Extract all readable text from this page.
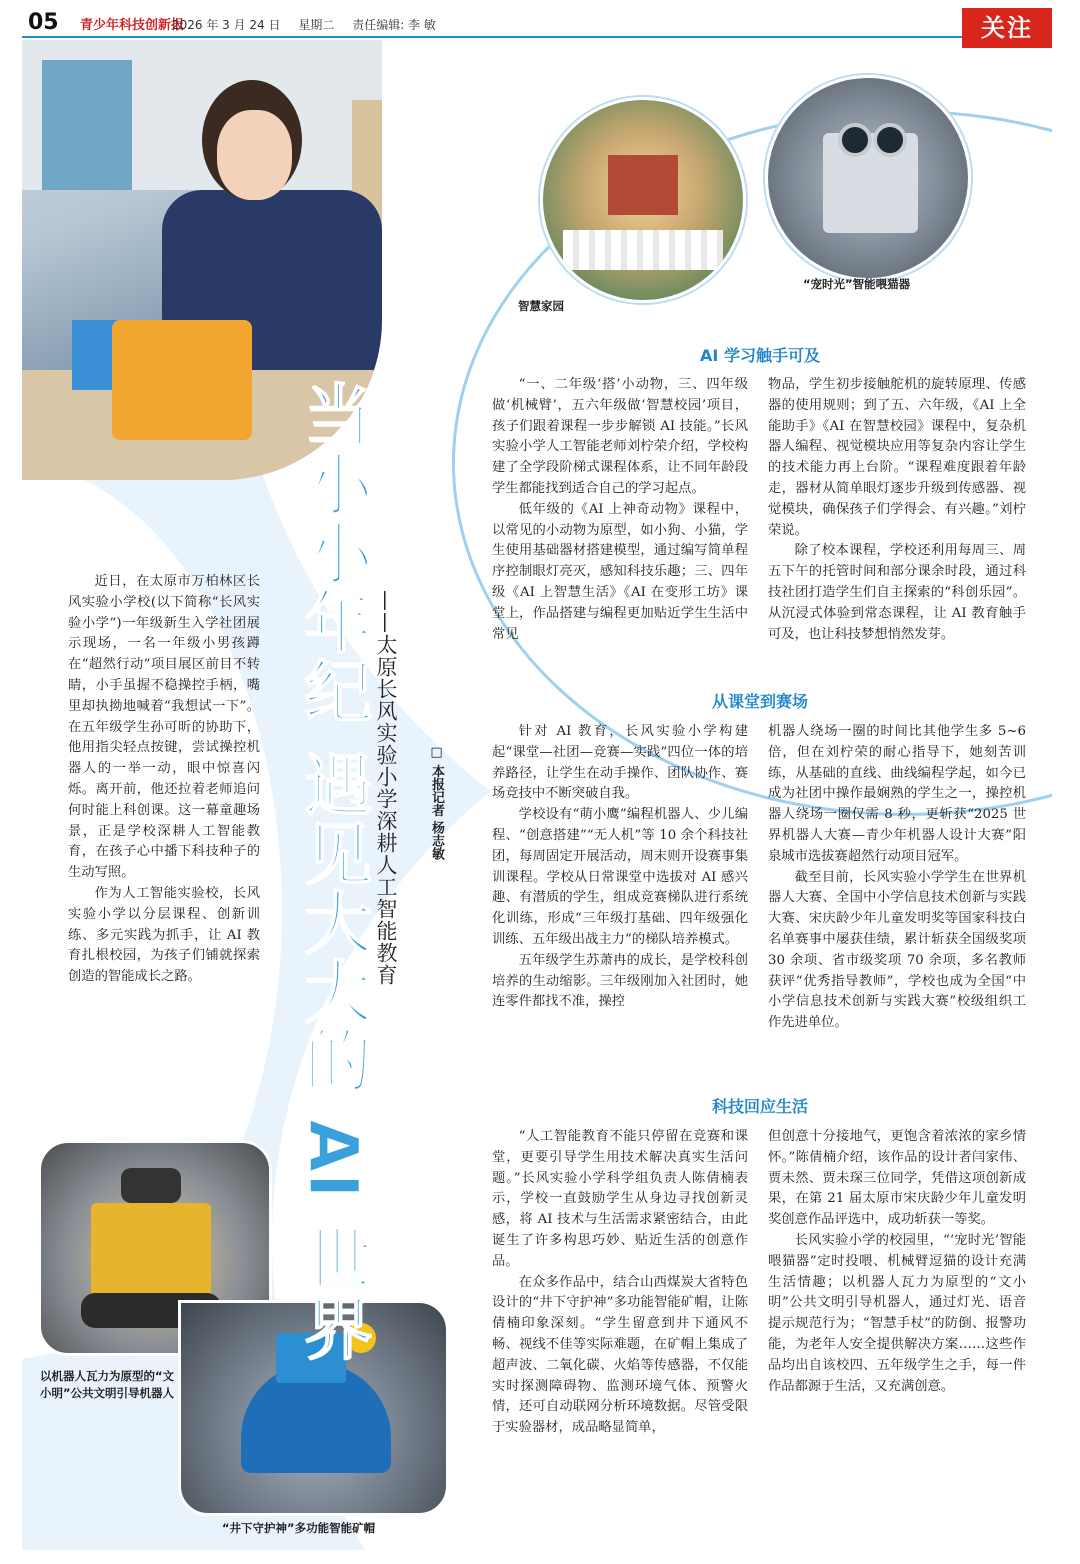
05 青少年科技创新报
2026 年 3 月 24 日 星期二 责任编辑: 李 敏	关注
智慧家园
“宠时光”智能喂猫器
以机器人瓦力为原型的“文小明”公共文明引导机器人
“井下守护神”多功能智能矿帽
当小小年纪 遇见大大的 AI 世界 ——太原长风实验小学深耕人工智能教育 □ 本报记者 杨志敏

近日，在太原市万柏林区长风实验小学校(以下简称“长风实验小学”)一年级新生入学社团展示现场，一名一年级小男孩蹲在“超然行动”项目展区前目不转睛，小手虽握不稳操控手柄，嘴里却执拗地喊着“我想试一下”。在五年级学生孙可昕的协助下，他用指尖轻点按键，尝试操控机器人的一举一动，眼中惊喜闪烁。离开前，他还拉着老师追问何时能上科创课。这一幕童趣场景，正是学校深耕人工智能教育，在孩子心中播下科技种子的生动写照。

作为人工智能实验校，长风实验小学以分层课程、创新训练、多元实践为抓手，让 AI 教育扎根校园，为孩子们铺就探索创造的智能成长之路。

AI 学习触手可及

“一、二年级‘搭’小动物，三、四年级做‘机械臂’，五六年级做‘智慧校园’项目，孩子们跟着课程一步步解锁 AI 技能。”长风实验小学人工智能老师刘柠荣介绍，学校构建了全学段阶梯式课程体系，让不同年龄段学生都能找到适合自己的学习起点。

低年级的《AI 上神奇动物》课程中，以常见的小动物为原型，如小狗、小猫，学生使用基础器材搭建模型，通过编写简单程序控制眼灯亮灭，感知科技乐趣；三、四年级《AI 上智慧生活》《AI 在变形工坊》课堂上，作品搭建与编程更加贴近学生生活中常见

物品，学生初步接触舵机的旋转原理、传感器的使用规则；到了五、六年级，《AI 上全能助手》《AI 在智慧校园》课程中，复杂机器人编程、视觉模块应用等复杂内容让学生的技术能力再上台阶。“课程难度跟着年龄走，器材从简单眼灯逐步升级到传感器、视觉模块，确保孩子们学得会、有兴趣。”刘柠荣说。

除了校本课程，学校还利用每周三、周五下午的托管时间和部分课余时段，通过科技社团打造学生们自主探索的“科创乐园”。从沉浸式体验到常态课程，让 AI 教育触手可及，也让科技梦想悄然发芽。

从课堂到赛场

针对 AI 教育，长风实验小学构建起“课堂—社团—竞赛—实践”四位一体的培养路径，让学生在动手操作、团队协作、赛场竞技中不断突破自我。

学校设有“萌小鹰”编程机器人、少儿编程、“创意搭建”“无人机”等 10 余个科技社团，每周固定开展活动，周末则开设赛事集训课程。学校从日常课堂中选拔对 AI 感兴趣、有潜质的学生，组成竞赛梯队进行系统化训练，形成“三年级打基础、四年级强化训练、五年级出战主力”的梯队培养模式。

五年级学生苏萧冉的成长，是学校科创培养的生动缩影。三年级刚加入社团时，她连零件都找不准，操控

机器人绕场一圈的时间比其他学生多 5~6 倍，但在刘柠荣的耐心指导下，她刻苦训练，从基础的直线、曲线编程学起，如今已成为社团中操作最娴熟的学生之一，操控机器人绕场一圈仅需 8 秒，更斩获“2025 世界机器人大赛—青少年机器人设计大赛”阳泉城市选拔赛超然行动项目冠军。

截至目前，长风实验小学学生在世界机器人大赛、全国中小学信息技术创新与实践大赛、宋庆龄少年儿童发明奖等国家科技白名单赛事中屡获佳绩，累计斩获全国级奖项 30 余项、省市级奖项 70 余项，多名教师获评“优秀指导教师”，学校也成为全国“中小学信息技术创新与实践大赛”校级组织工作先进单位。

科技回应生活

“人工智能教育不能只停留在竞赛和课堂，更要引导学生用技术解决真实生活问题。”长风实验小学科学组负责人陈倩楠表示，学校一直鼓励学生从身边寻找创新灵感，将 AI 技术与生活需求紧密结合，由此诞生了许多构思巧妙、贴近生活的创意作品。

在众多作品中，结合山西煤炭大省特色设计的“井下守护神”多功能智能矿帽，让陈倩楠印象深刻。“学生留意到井下通风不畅、视线不佳等实际难题，在矿帽上集成了超声波、二氧化碳、火焰等传感器，不仅能实时探测障碍物、监测环境气体、预警火情，还可自动联网分析环境数据。尽管受限于实验器材，成品略显简单，

但创意十分接地气，更饱含着浓浓的家乡情怀。”陈倩楠介绍，该作品的设计者闫家伟、贾未然、贾未琛三位同学，凭借这项创新成果，在第 21 届太原市宋庆龄少年儿童发明奖创意作品评选中，成功斩获一等奖。

长风实验小学的校园里，“‘宠时光’智能喂猫器”定时投喂、机械臂逗猫的设计充满生活情趣；以机器人瓦力为原型的“文小明”公共文明引导机器人，通过灯光、语音提示规范行为；“智慧手杖”的防倒、报警功能，为老年人安全提供解决方案……这些作品均出自该校四、五年级学生之手，每一件作品都源于生活，又充满创意。
